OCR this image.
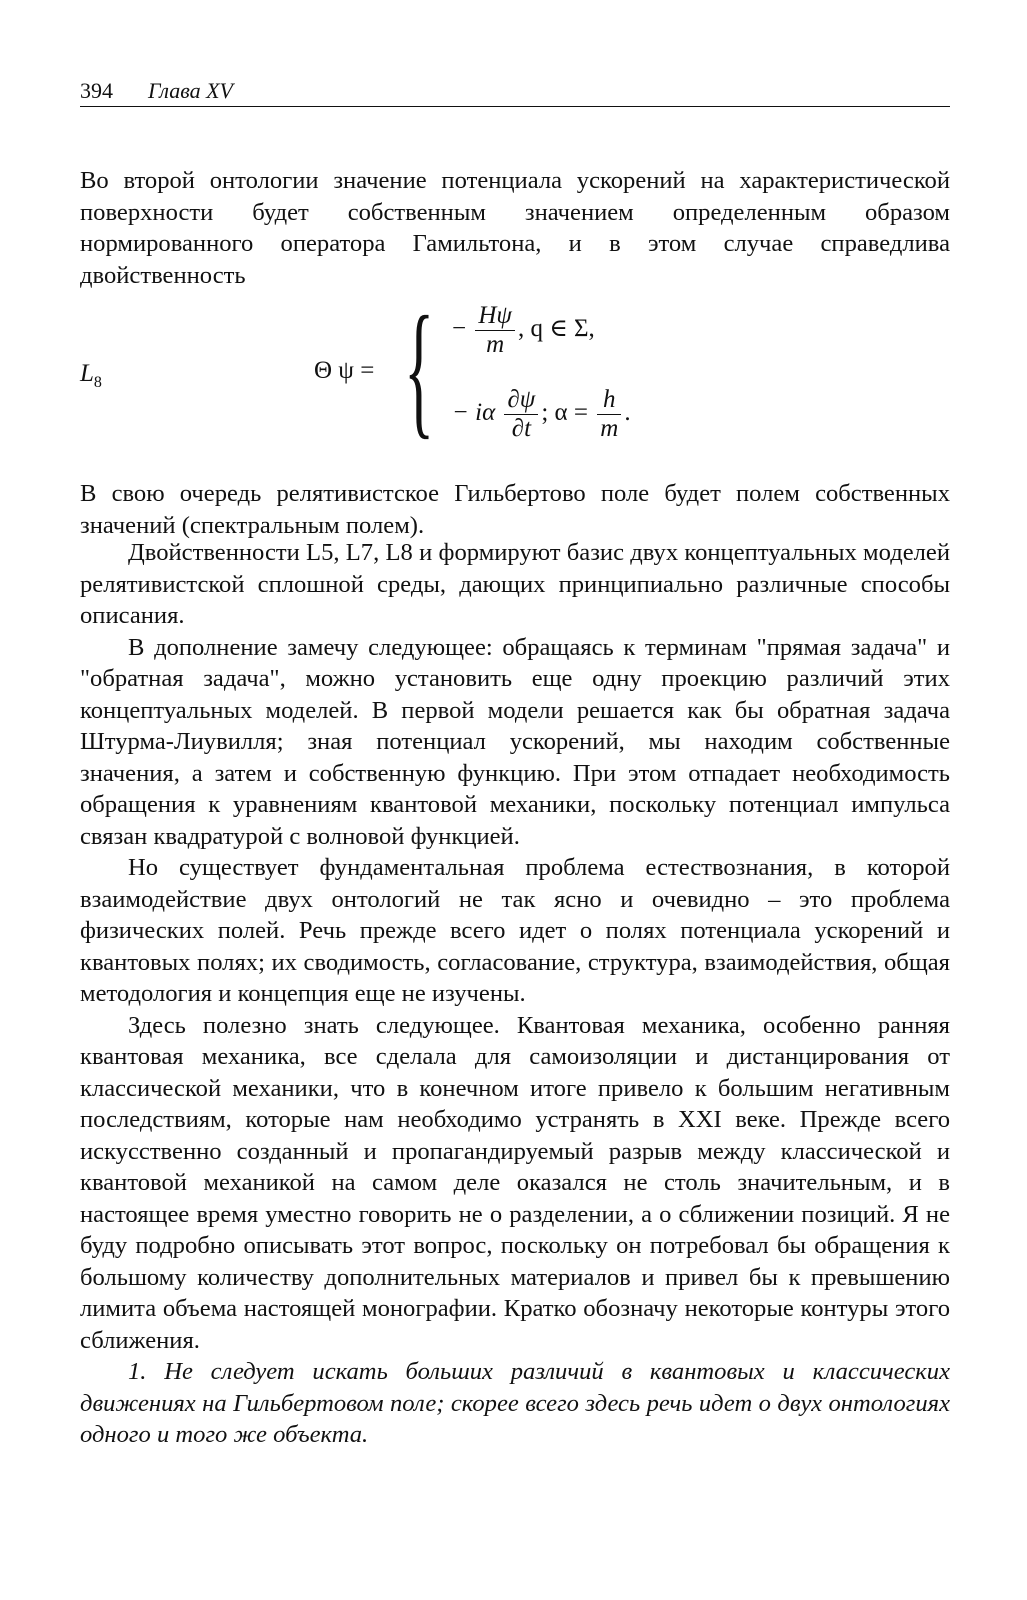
394 Глава XV

Во второй онтологии значение потенциала ускорений на характеристической поверхности будет собственным значением определенным образом нормированного оператора Гамильтона, и в этом случае справедлива двойственность

$L_8$	Θ ψ = { − $\frac{H\psi}{m}$ , q ∈ Σ,
− iα $\frac{\partial\psi}{\partial t}$ ; $\alpha = \frac{h}{m}$ .

В свою очередь релятивистское Гильбертово поле будет полем собственных значений (спектральным полем).

Двойственности L5, L7, L8 и формируют базис двух концептуальных моделей релятивистской сплошной среды, дающих принципиально различные способы описания.

В дополнение замечу следующее: обращаясь к терминам "прямая задача" и "обратная задача", можно установить еще одну проекцию различий этих концептуальных моделей. В первой модели решается как бы обратная задача Штурма-Лиувилля; зная потенциал ускорений, мы находим собственные значения, а затем и собственную функцию. При этом отпадает необходимость обращения к уравнениям квантовой механики, поскольку потенциал импульса связан квадратурой с волновой функцией.

Но существует фундаментальная проблема естествознания, в которой взаимодействие двух онтологий не так ясно и очевидно – это проблема физических полей. Речь прежде всего идет о полях потенциала ускорений и квантовых полях; их сводимость, согласование, структура, взаимодействия, общая методология и концепция еще не изучены.

Здесь полезно знать следующее. Квантовая механика, особенно ранняя квантовая механика, все сделала для самоизоляции и дистанцирования от классической механики, что в конечном итоге привело к большим негативным последствиям, которые нам необходимо устранять в XXI веке. Прежде всего искусственно созданный и пропагандируемый разрыв между классической и квантовой механикой на самом деле оказался не столь значительным, и в настоящее время уместно говорить не о разделении, а о сближении позиций. Я не буду подробно описывать этот вопрос, поскольку он потребовал бы обращения к большому количеству дополнительных материалов и привел бы к превышению лимита объема настоящей монографии. Кратко обозначу некоторые контуры этого сближения.

1. Не следует искать больших различий в квантовых и классических движениях на Гильбертовом поле; скорее всего здесь речь идет о двух онтологиях одного и того же объекта.
